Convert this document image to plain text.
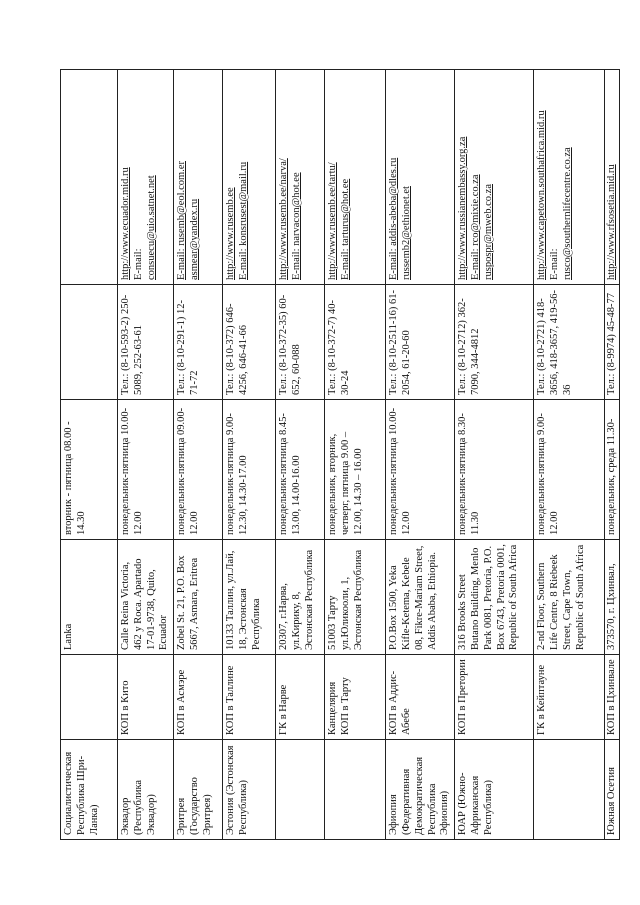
Социалистическая Республика Шри-Ланка)		Lanka	вторник - пятница 08.00 - 14.30		
Эквадор (Республика Эквадор)	КОП в Кито	Calle Reina Victoria, 462 y Roca. Apartado 17-01-9738, Quito, Ecuador	понедельник-пятница 10.00-12.00	Тел.: (8-10-593-2) 250-5089, 252-63-61	http://www.ecuador.mid.ru E-mail: consuecu@uio.satnet.net

Эритрея (Государство Эритрея)	КОП в Асмэре	Zobel St. 21, P.O. Box 5667, Asmara, Eritrea	понедельник-пятница 09.00-12.00	Тел.: (8-10-291-1) 12-71-72	E-mail: rusemb@eol.com.er asmear@yandex.ru

Эстония (Эстонская Республика)	КОП в Таллине	10133 Таллин, ул.Лай, 18, Эстонская Республика	понедельник-пятница 9.00-12.30, 14.30-17.00	Тел.: (8-10-372) 646-4256, 646-41-66	http://www.rusemb.ee E-mail: konsrusest@mail.ru

	ГК в Нарве	20307, г.Нарва, ул.Кирику, 8, Эстонская Республика	понедельник-пятница 8.45-13.00, 14.00-16.00	Тел.: (8-10-372-35) 60-652, 60-088	http://www.rusemb.ee/narva/ E-mail: narvacon@hot.ee

	Канцелярия КОП в Тарту	51003 Тарту ул.Юликооли, 1, Эстонская Республика	понедельник, вторник, четверг, пятница 9.00 – 12.00, 14.30 – 16.00	Тел.: (8-10-372-7) 40-30-24	http://www.rusemb.ee/tartu/ E-mail: tarturus@hot.ee

Эфиопия (Федеративная Демократическая Республика Эфиопия)	КОП в Аддис-Абебе	P.O.Box 1500, Yeka Kifle-Ketema, Kebele 08, Fikre-Mariam Street, Addis Ababa, Ethiopia.	понедельник-пятница 10.00-12.00	Тел.: (8-10-2511-16) 61-2054, 61-20-60	E-mail: addis-abeba@dles.ru russemb2@ethionet.et

ЮАР (Южно-Африканская Республика)	КОП в Претории	316 Brooks Street Butano Building, Menlo Park 0081, Pretoria, P.O. Box 6743, Pretoria 0001, Republic of South Africa	понедельник-пятница 8.30-11.30	Тел.: (8-10-2712) 362-7090, 344-4812	http://www.russianembassy.org.za E-mail: rco@mixie.co.za ruspospr@mweb.co.za

	ГК в Кейптауне	2-nd Floor, Southern Life Centre, 8 Riebeek Street, Cape Town, Republic of South Africa	понедельник-пятница 9.00-12.00	Тел.: (8-10-2721) 418-3656, 418-3657, 419-56-36	http://www.capetown.southafrica.mid.ru E-mail: rusco@southernlifecentre.co.za

Южная Осетия	КОП в Цхинвале	373570, г. Цхинвал,	понедельник, среда 11.30-	Тел.: (8-9974) 45-48-77	http://www.rfsosetia.mid.ru
